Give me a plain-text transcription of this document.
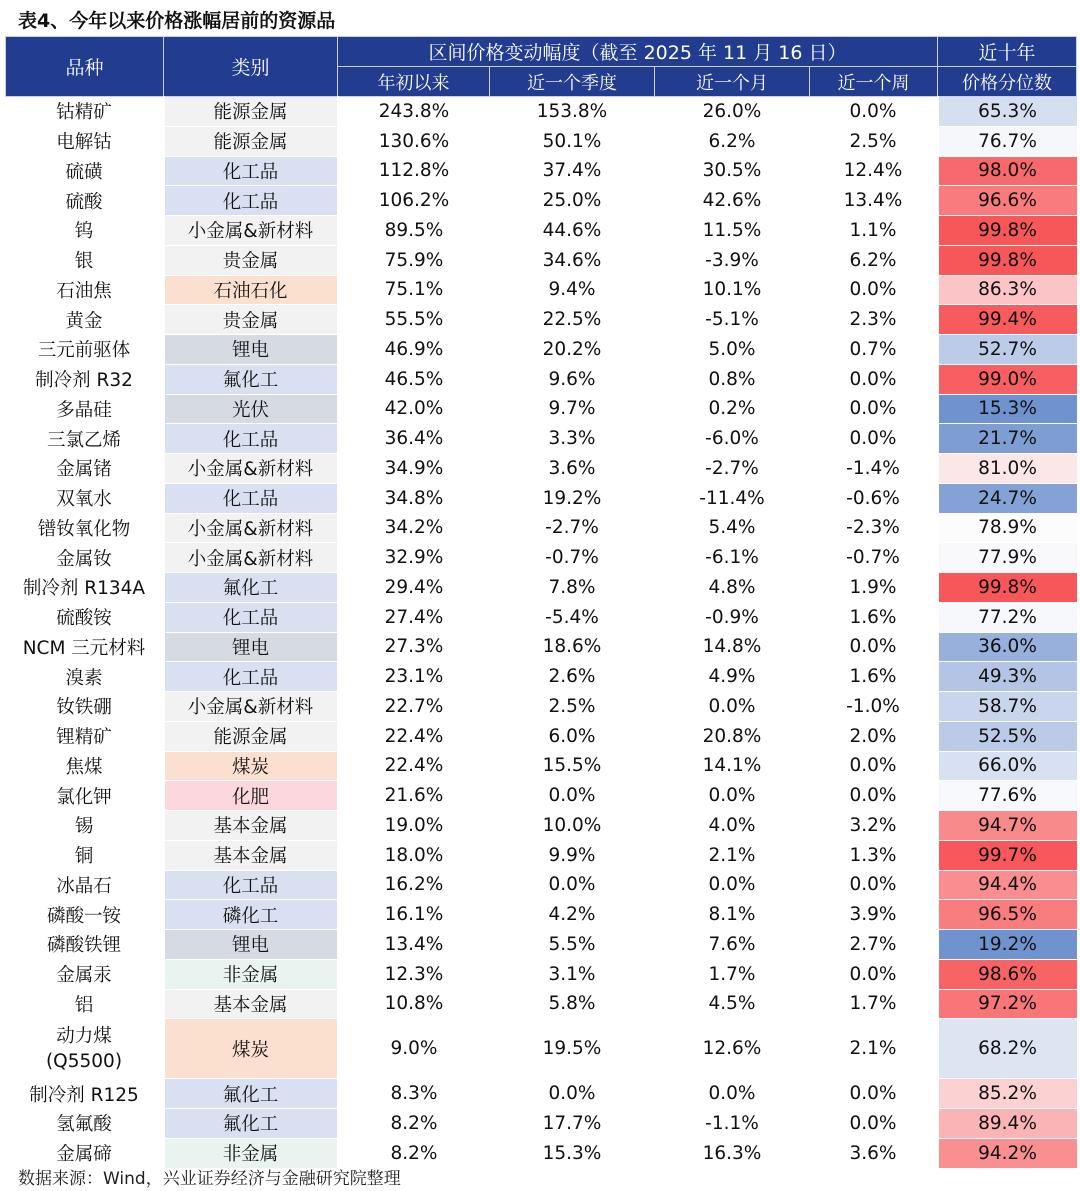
表4、今年以来价格涨幅居前的资源品
品种	类别	区间价格变动幅度（截至 2025 年 11 月 16 日）				近十年
		年初以来	近一个季度	近一个月	近一个周	价格分位数
钴精矿	能源金属	243.8%	153.8%	26.0%	0.0%	65.3%
电解钴	能源金属	130.6%	50.1%	6.2%	2.5%	76.7%
硫磺	化工品	112.8%	37.4%	30.5%	12.4%	98.0%
硫酸	化工品	106.2%	25.0%	42.6%	13.4%	96.6%
钨	小金属&新材料	89.5%	44.6%	11.5%	1.1%	99.8%
银	贵金属	75.9%	34.6%	-3.9%	6.2%	99.8%
石油焦	石油石化	75.1%	9.4%	10.1%	0.0%	86.3%
黄金	贵金属	55.5%	22.5%	-5.1%	2.3%	99.4%
三元前驱体	锂电	46.9%	20.2%	5.0%	0.7%	52.7%
制冷剂 R32	氟化工	46.5%	9.6%	0.8%	0.0%	99.0%
多晶硅	光伏	42.0%	9.7%	0.2%	0.0%	15.3%
三氯乙烯	化工品	36.4%	3.3%	-6.0%	0.0%	21.7%
金属锗	小金属&新材料	34.9%	3.6%	-2.7%	-1.4%	81.0%
双氧水	化工品	34.8%	19.2%	-11.4%	-0.6%	24.7%
镨钕氧化物	小金属&新材料	34.2%	-2.7%	5.4%	-2.3%	78.9%
金属钕	小金属&新材料	32.9%	-0.7%	-6.1%	-0.7%	77.9%
制冷剂 R134A	氟化工	29.4%	7.8%	4.8%	1.9%	99.8%
硫酸铵	化工品	27.4%	-5.4%	-0.9%	1.6%	77.2%
NCM 三元材料	锂电	27.3%	18.6%	14.8%	0.0%	36.0%
溴素	化工品	23.1%	2.6%	4.9%	1.6%	49.3%
钕铁硼	小金属&新材料	22.7%	2.5%	0.0%	-1.0%	58.7%
锂精矿	能源金属	22.4%	6.0%	20.8%	2.0%	52.5%
焦煤	煤炭	22.4%	15.5%	14.1%	0.0%	66.0%
氯化钾	化肥	21.6%	0.0%	0.0%	0.0%	77.6%
锡	基本金属	19.0%	10.0%	4.0%	3.2%	94.7%
铜	基本金属	18.0%	9.9%	2.1%	1.3%	99.7%
冰晶石	化工品	16.2%	0.0%	0.0%	0.0%	94.4%
磷酸一铵	磷化工	16.1%	4.2%	8.1%	3.9%	96.5%
磷酸铁锂	锂电	13.4%	5.5%	7.6%	2.7%	19.2%
金属汞	非金属	12.3%	3.1%	1.7%	0.0%	98.6%
铝	基本金属	10.8%	5.8%	4.5%	1.7%	97.2%

动力煤
(Q5500)	煤炭	9.0%	19.5%	12.6%	2.1%	68.2%
制冷剂 R125	氟化工	8.3%	0.0%	0.0%	0.0%	85.2%
氢氟酸	氟化工	8.2%	17.7%	-1.1%	0.0%	89.4%
金属碲	非金属	8.2%	15.3%	16.3%	3.6%	94.2%
数据来源：Wind，兴业证券经济与金融研究院整理
